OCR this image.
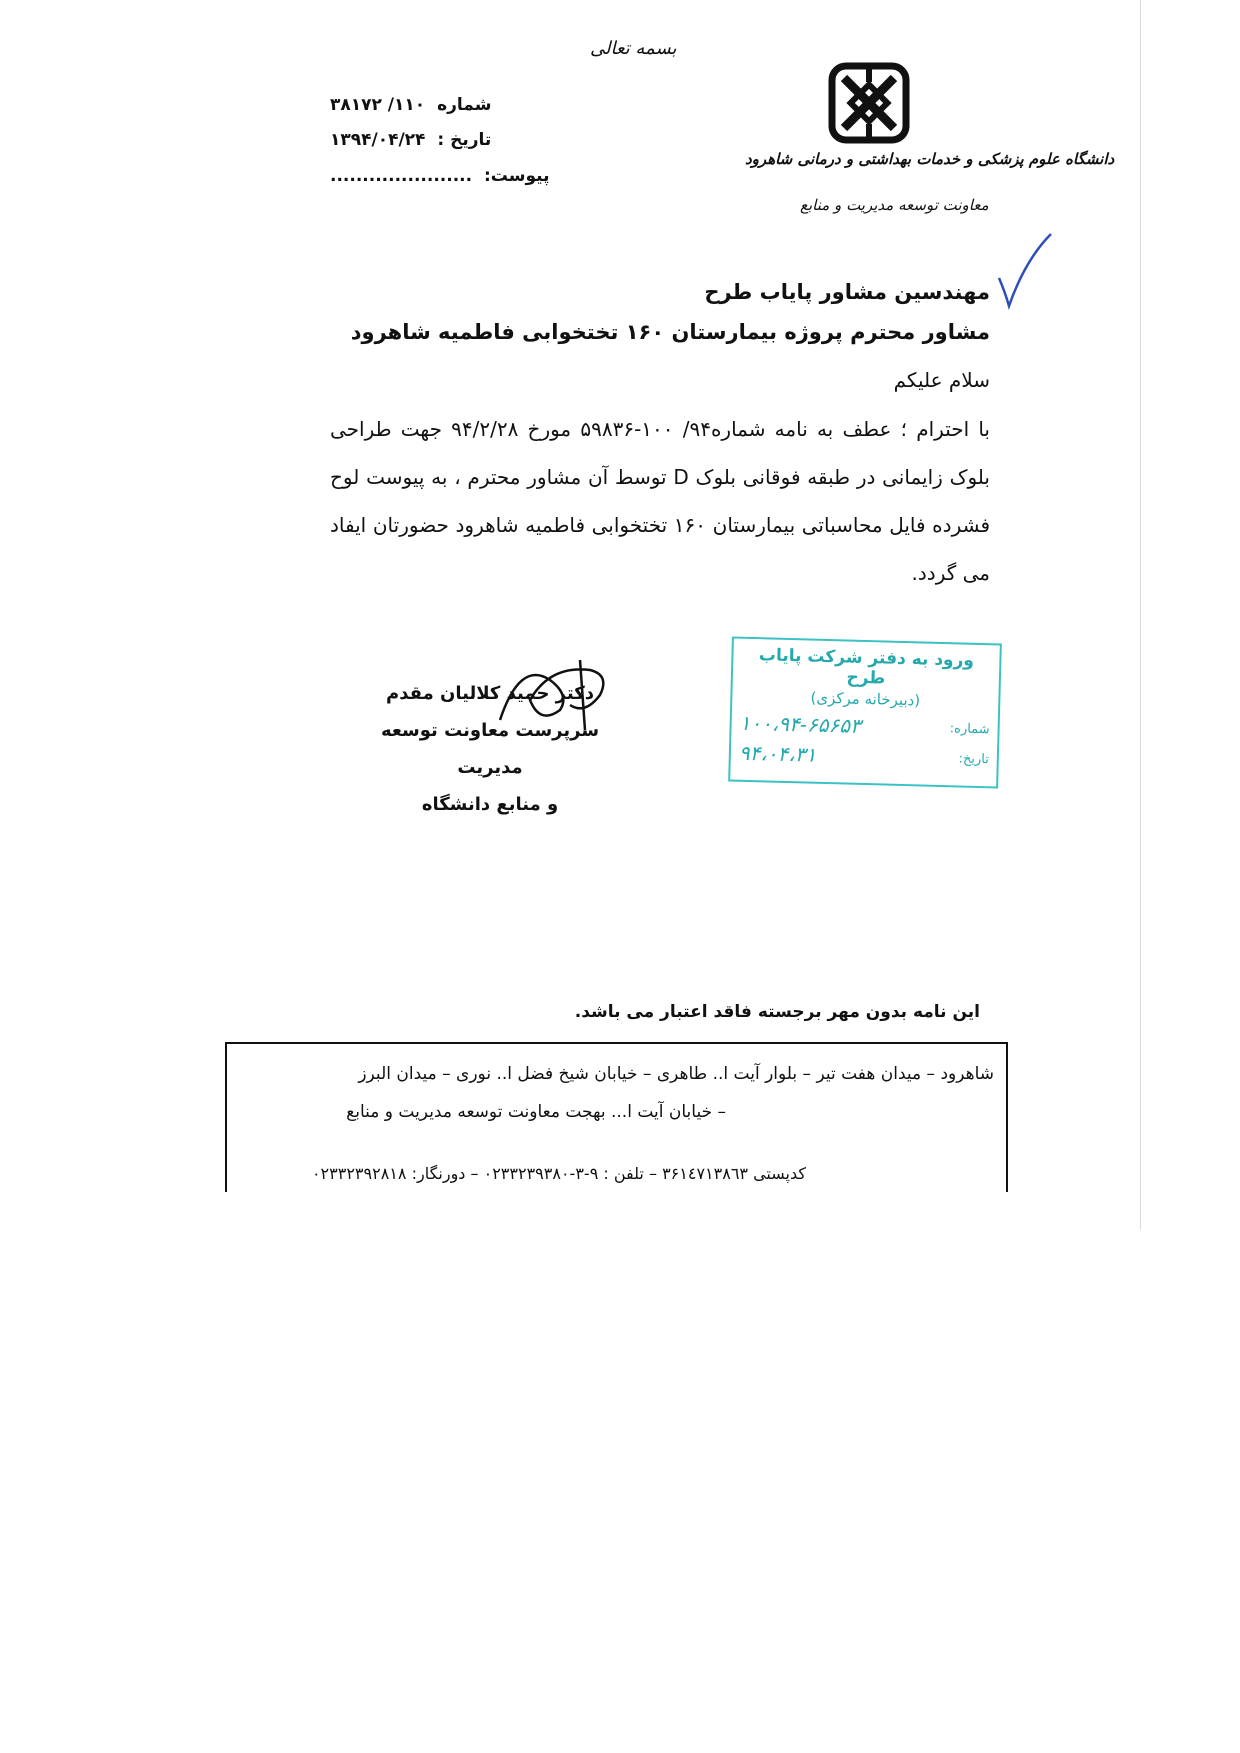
بسمه تعالی
شماره ۱۱۰/ ۳۸۱۷۲
تاریخ : ۱۳۹۴/۰۴/۲۴
پیوست: ......................
دانشگاه علوم پزشکی و خدمات بهداشتی و درمانی شاهرود
معاونت توسعه مدیریت و منابع
مهندسین مشاور پایاب طرح
مشاور محترم پروژه بیمارستان ۱۶۰ تختخوابی فاطمیه شاهرود
سلام علیکم
با احترام ؛ عطف به نامه شماره۹۴/ ۱۰۰-۵۹۸۳۶ مورخ ۹۴/۲/۲۸ جهت طراحی بلوک زایمانی در طبقه فوقانی بلوک D توسط آن مشاور محترم ، به پیوست لوح فشرده فایل محاسباتی بیمارستان ۱۶۰ تختخوابی فاطمیه شاهرود حضورتان ایفاد می گردد.
دکتر حمید کلالیان مقدم
سرپرست معاونت توسعه مدیریت
و منابع دانشگاه
ورود به دفتر شرکت پایاب طرح
(دبیرخانه مرکزی)
شماره:
۱۰۰،۹۴-۶۵۶۵۳
تاریخ:
۹۴،۰۴،۳۱
این نامه بدون مهر برجسته فاقد اعتبار می باشد.
شاهرود – میدان هفت تیر – بلوار آیت ا.. طاهری – خیابان شیخ فضل ا.. نوری – میدان البرز
– خیابان آیت ا... بهجت معاونت توسعه مدیریت و منابع
کدپستی ۳۶۱٤۷۱۳۸٦۳ – تلفن : ۹-۳-۰۲۳۳۲۳۹۳۸۰ – دورنگار: ۰۲۳۳۲۳۹۲۸۱۸
